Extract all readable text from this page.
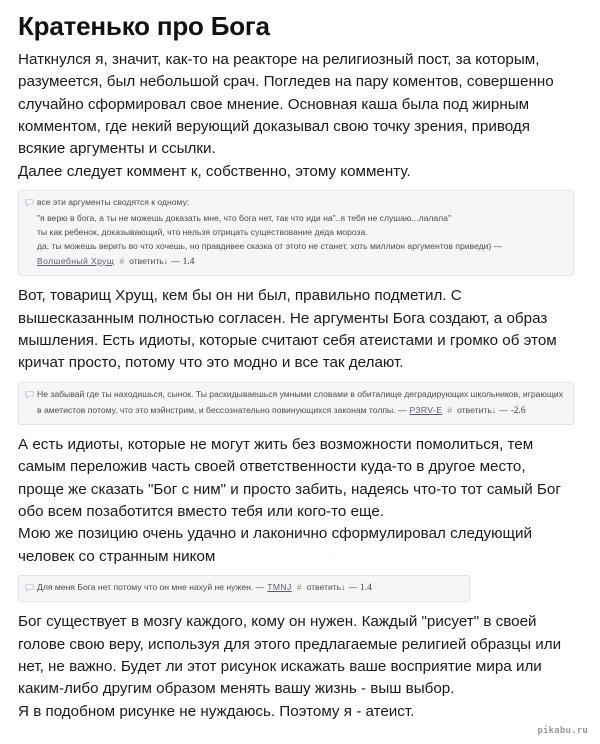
Кратенько про Бога

Наткнулся я, значит, как-то на реакторе на религиозный пост, за которым, разумеется, был небольшой срач. Погледев на пару коментов, совершенно случайно сформировал свое мнение. Основная каша была под жирным комментом, где некий верующий доказывал свою точку зрения, приводя всякие аргументы и ссылки.

Далее следует коммент к, собственно, этому комменту.

все эти аргументы сводятся к одному:
"я верю в бога, а ты не можешь доказать мне, что бога нет, так что иди на"..я тебя не слушаю...лалала"
ты как ребенок, доказывающий, что нельзя отрицать существование деда мороза.
да, ты можешь верить во что хочешь, но правдивее сказка от этого не станет, хоть миллион аргументов приведи) —
Волшебный Хрущ # ответить↓ — 1.4

Вот, товарищ Хрущ, кем бы он ни был, правильно подметил. С вышесказанным полностью согласен. Не аргументы Бога создают, а образ мышления. Есть идиоты, которые считают себя атеистами и громко об этом кричат просто, потому что это модно и все так делают.

Не забывай где ты находишься, сынок. Ты раскидываешься умными словами в обиталище деградирующих школьников, играющих
в аметистов потому, что это мэйнстрим, и бессознательно повинующихся законам толпы. — P3RV-E # ответить↓ — -2.6

А есть идиоты, которые не могут жить без возможности помолиться, тем самым переложив часть своей ответственности куда-то в другое место, проще же сказать "Бог с ним" и просто забить, надеясь что-то тот самый Бог обо всем позаботится вместо тебя или кого-то еще.

Мою же позицию очень удачно и лаконично сформулировал следующий человек со странным ником

Для меня Бога нет потому что он мне нахуй не нужен. — TMNJ # ответить↓ — 1.4

Бог существует в мозгу каждого, кому он нужен. Каждый "рисует" в своей голове свою веру, используя для этого предлагаемые религией образцы или нет, не важно. Будет ли этот рисунок искажать ваше восприятие мира или каким-либо другим образом менять вашу жизнь - выш выбор.

Я в подобном рисунке не нуждаюсь. Поэтому я - атеист.

..
pikabu.ru
